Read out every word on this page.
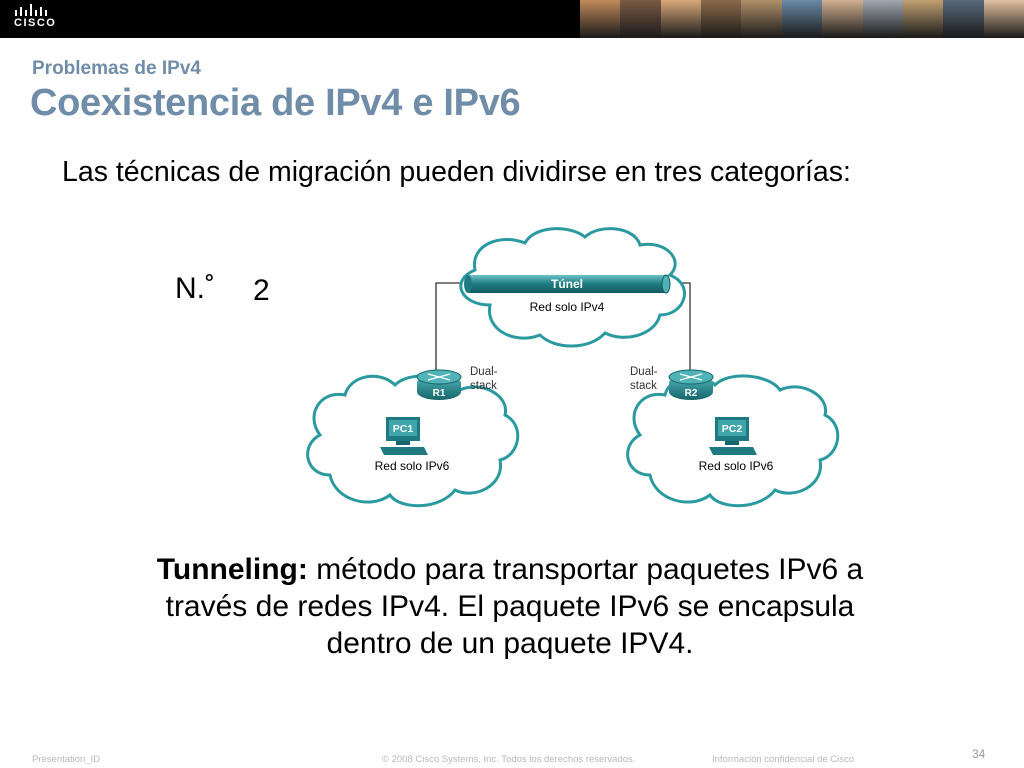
CISCO
Problemas de IPv4
Coexistencia de IPv4 e IPv6

Las técnicas de migración pueden dividirse en tres categorías:

N.˚ 2	Túnel
Red solo IPv4
R1
Dual-
stack
R2
Dual-
stack
PC1
Red solo IPv6
PC2
Red solo IPv6

Tunneling: método para transportar paquetes IPv6 a través de redes IPv4. El paquete IPv6 se encapsula dentro de un paquete IPV4.

Presentation_ID	© 2008 Cisco Systems, Inc. Todos los derechos reservados.	Información confidencial de Cisco	34
